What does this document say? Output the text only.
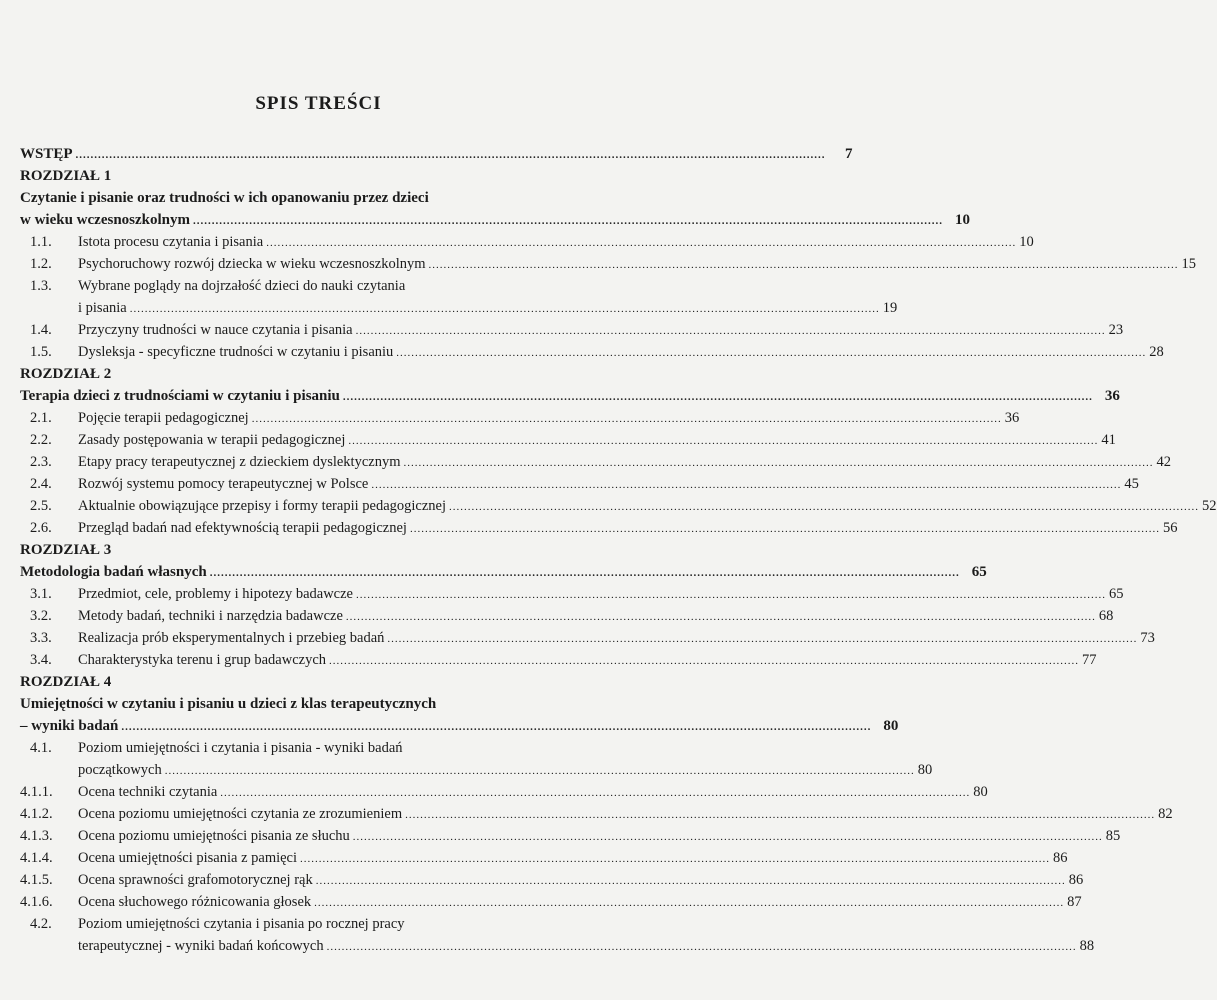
SPIS TREŚCI
WSTĘP .....	7
ROZDZIAŁ 1
Czytanie i pisanie oraz trudności w ich opanowaniu przez dzieci
w wieku wczesnoszkolnym .....	10
1.1.	Istota procesu czytania i pisania .....	10
1.2.	Psychoruchowy rozwój dziecka w wieku wczesnoszkolnym .....	15
1.3.	Wybrane poglądy na dojrzałość dzieci do nauki czytania
i pisania .....	19
1.4.	Przyczyny trudności w nauce czytania i pisania .....	23
1.5.	Dysleksja - specyficzne trudności w czytaniu i pisaniu .....	28
ROZDZIAŁ 2
Terapia dzieci z trudnościami w czytaniu i pisaniu .....	36
2.1.	Pojęcie terapii pedagogicznej .....	36
2.2.	Zasady postępowania w terapii pedagogicznej .....	41
2.3.	Etapy pracy terapeutycznej z dzieckiem dyslektycznym .....	42
2.4.	Rozwój systemu pomocy terapeutycznej w Polsce .....	45
2.5.	Aktualnie obowiązujące przepisy i formy terapii pedagogicznej .....	52
2.6.	Przegląd badań nad efektywnością terapii pedagogicznej .....	56
ROZDZIAŁ 3
Metodologia badań własnych .....	65
3.1.	Przedmiot, cele, problemy i hipotezy badawcze .....	65
3.2.	Metody badań, techniki i narzędzia badawcze .....	68
3.3.	Realizacja prób eksperymentalnych i przebieg badań .....	73
3.4.	Charakterystyka terenu i grup badawczych .....	77
ROZDZIAŁ 4
Umiejętności w czytaniu i pisaniu u dzieci z klas terapeutycznych
– wyniki badań .....	80
4.1.	Poziom umiejętności i czytania i pisania - wyniki badań
początkowych .....	80
4.1.1.	Ocena techniki czytania .....	80
4.1.2.	Ocena poziomu umiejętności czytania ze zrozumieniem .....	82
4.1.3.	Ocena poziomu umiejętności pisania ze słuchu .....	85
4.1.4.	Ocena umiejętności pisania z pamięci .....	86
4.1.5.	Ocena sprawności grafomotorycznej rąk .....	86
4.1.6.	Ocena słuchowego różnicowania głosek .....	87
4.2.	Poziom umiejętności czytania i pisania po rocznej pracy
terapeutycznej - wyniki badań końcowych .....	88
